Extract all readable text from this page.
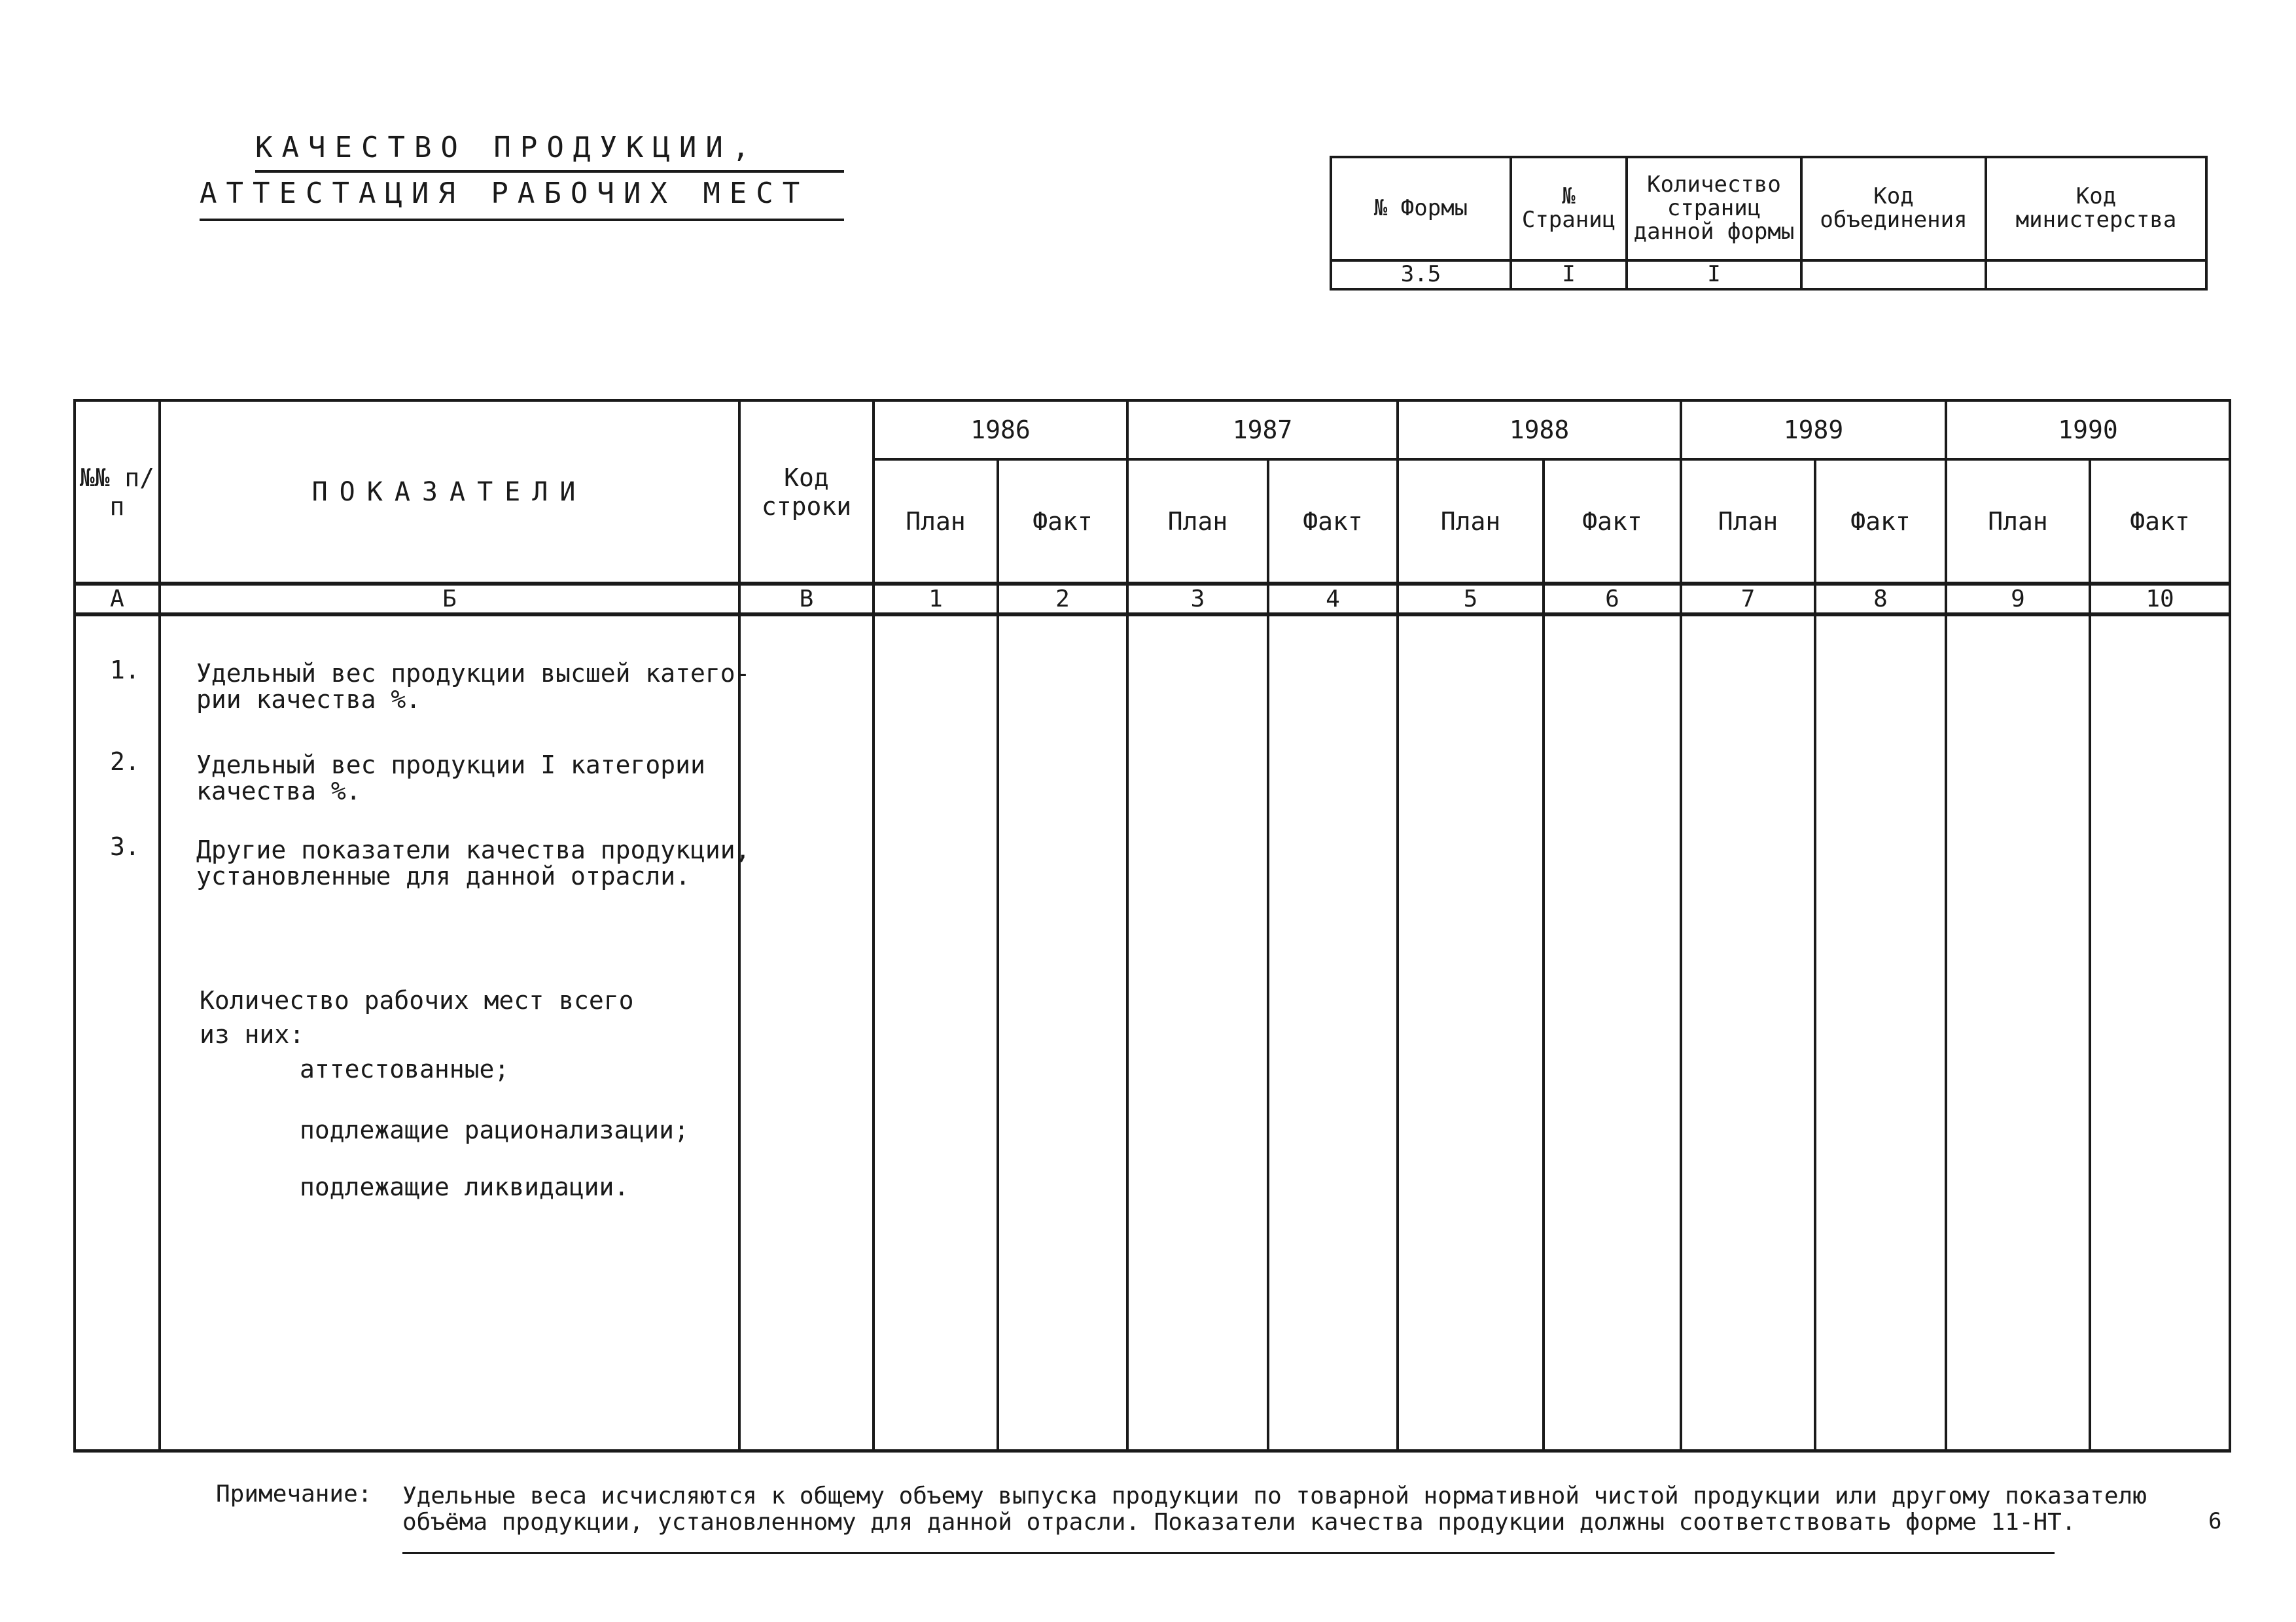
КАЧЕСТВО ПРОДУКЦИИ,
АТТЕСТАЦИЯ РАБОЧИХ МЕСТ	№ Формы	№ Страниц	Количество страниц данной формы	Код объединения	Код министерства
3.5	I	I		
№№ п/п	ПОКАЗАТЕЛИ	Код строки	1986		1987		1988		1989		1990	
			План	Факт	План	Факт	План	Факт	План	Факт	План	Факт
А	Б	В	1	2	3	4	5	6	7	8	9	10

1. Удельный вес продукции высшей катего-
рии качества %.
2. Удельный вес продукции I категории
качества %.
3. Другие показатели качества продукции,
установленные для данной отрасли.
Количество рабочих мест всего
из них:
аттестованные;
подлежащие рационализации;
подлежащие ликвидации.
Примечание: Удельные веса исчисляются к общему объему выпуска продукции по товарной нормативной чистой продукции или другому показателю
объёма продукции, установленному для данной отрасли. Показатели качества продукции должны соответствовать форме 11-НТ.	6
